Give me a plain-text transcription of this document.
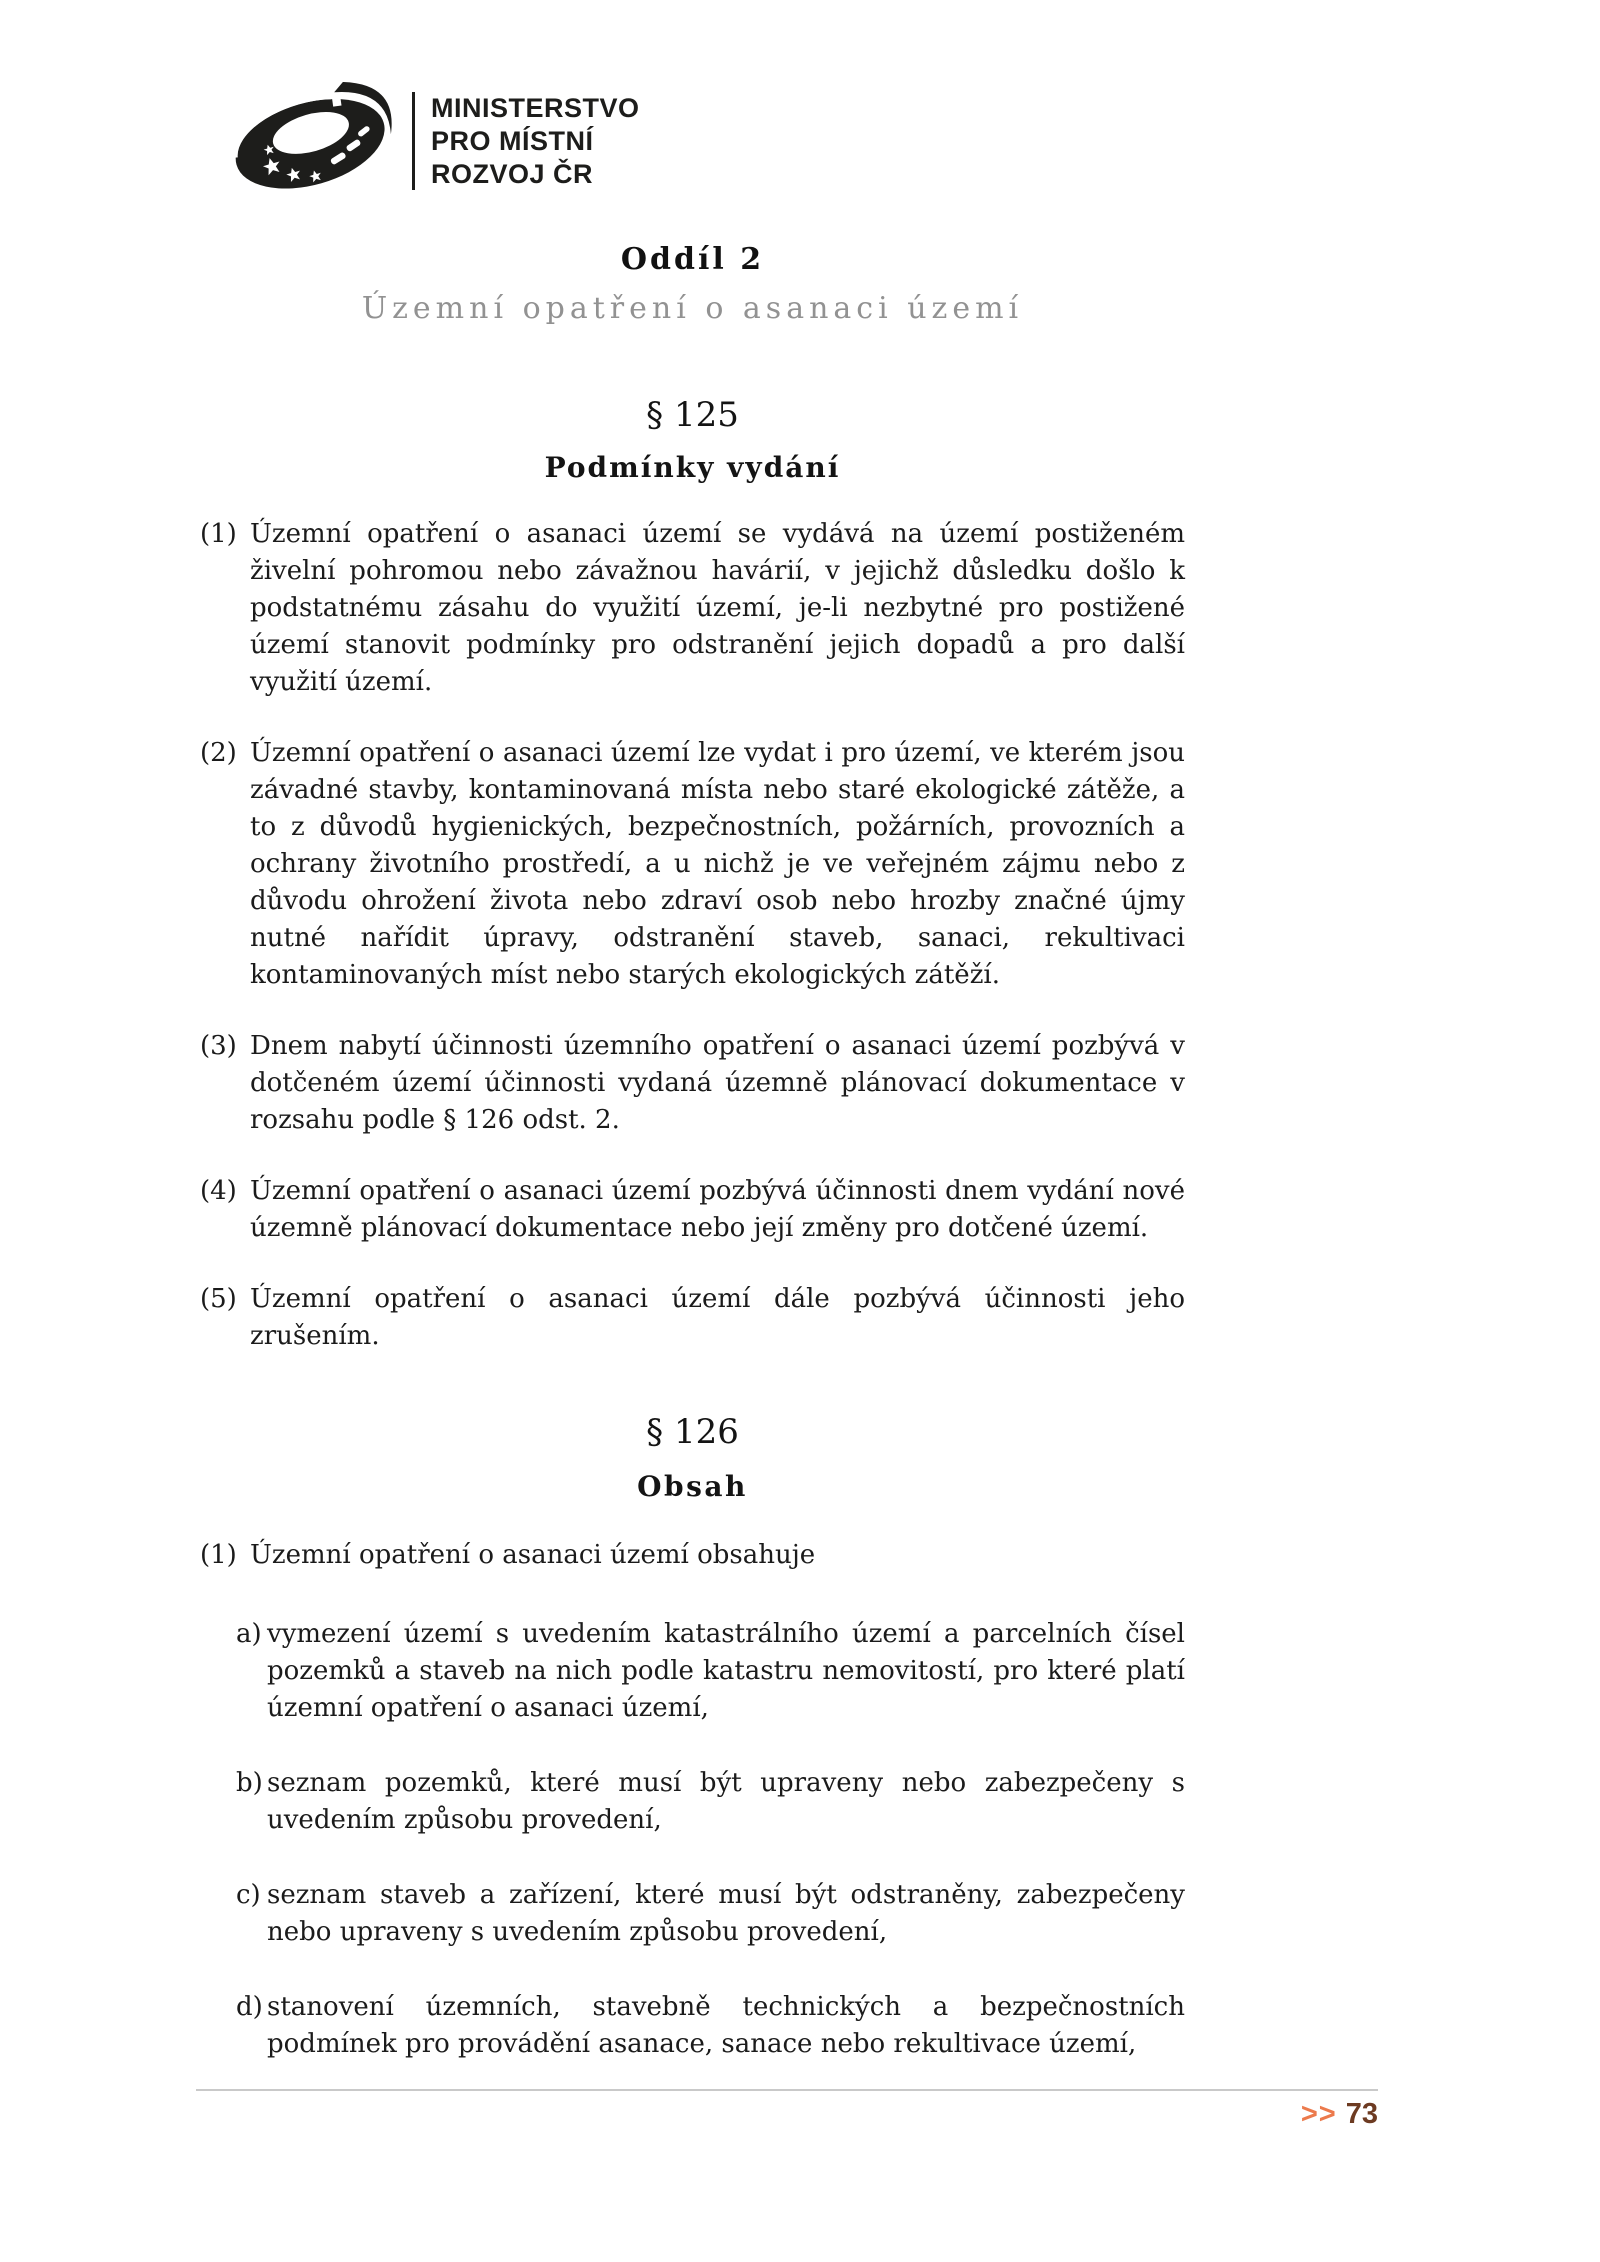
MINISTERSTVO
PRO MÍSTNÍ
ROZVOJ ČR
Oddíl 2
Územní opatření o asanaci území
§ 125
Podmínky vydání
(1) Územní opatření o asanaci území se vydává na území postiženém živelní pohromou nebo závažnou havárií, v jejichž důsledku došlo k podstatnému zásahu do využití území, je-li nezbytné pro postižené území stanovit podmínky pro odstranění jejich dopadů a pro další využití území.
(2) Územní opatření o asanaci území lze vydat i pro území, ve kterém jsou závadné stavby, kontaminovaná místa nebo staré ekologické zátěže, a to z důvodů hygienických, bezpečnostních, požárních, provozních a ochrany životního prostředí, a u nichž je ve veřejném zájmu nebo z důvodu ohrožení života nebo zdraví osob nebo hrozby značné újmy nutné nařídit úpravy, odstranění staveb, sanaci, rekultivaci kontaminovaných míst nebo starých ekologických zátěží.
(3) Dnem nabytí účinnosti územního opatření o asanaci území pozbývá v dotčeném území účinnosti vydaná územně plánovací dokumentace v rozsahu podle § 126 odst. 2.
(4) Územní opatření o asanaci území pozbývá účinnosti dnem vydání nové územně plánovací dokumentace nebo její změny pro dotčené území.
(5) Územní opatření o asanaci území dále pozbývá účinnosti jeho zrušením.
§ 126
Obsah
(1) Územní opatření o asanaci území obsahuje
a) vymezení území s uvedením katastrálního území a parcelních čísel pozemků a staveb na nich podle katastru nemovitostí, pro které platí územní opatření o asanaci území,
b) seznam pozemků, které musí být upraveny nebo zabezpečeny s uvedením způsobu provedení,
c) seznam staveb a zařízení, které musí být odstraněny, zabezpečeny nebo upraveny s uvedením způsobu provedení,
d) stanovení územních, stavebně technických a bezpečnostních podmínek pro provádění asanace, sanace nebo rekultivace území,
>> 73
